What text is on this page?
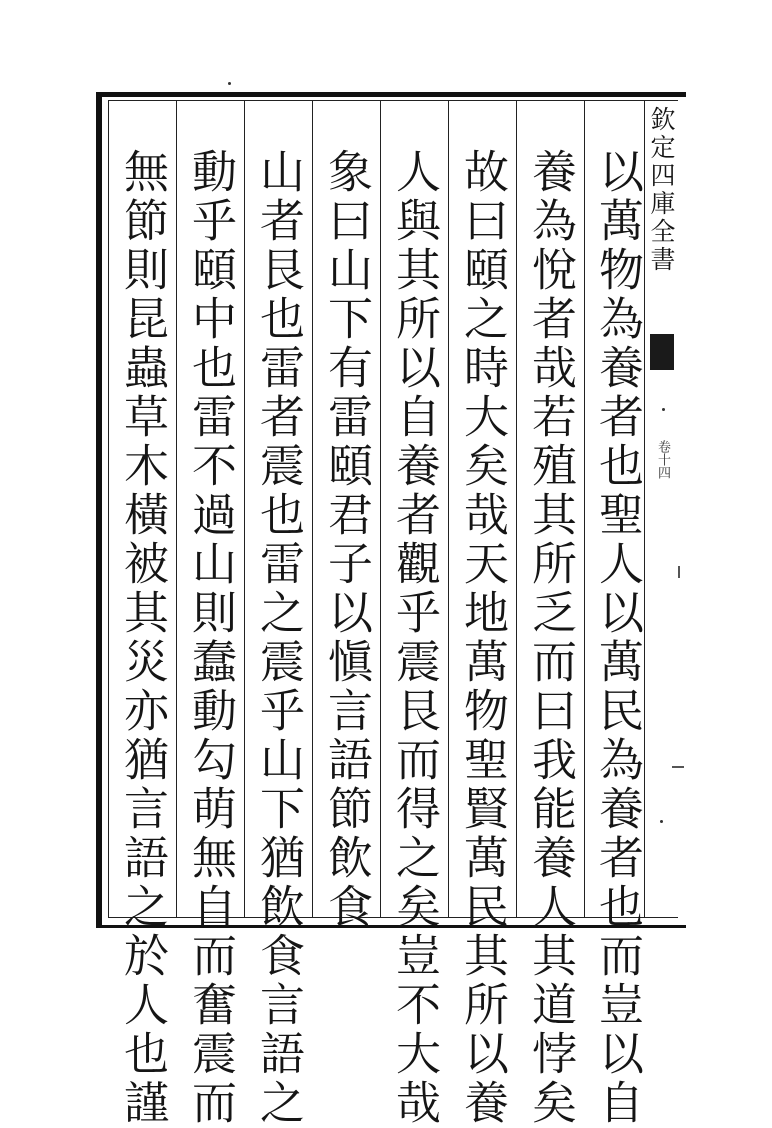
欽定四庫全書
卷十四
以萬物為養者也聖人以萬民為養者也而豈以自
養為悅者哉若殖其所乏而曰我能養人其道悖矣
故曰頤之時大矣哉天地萬物聖賢萬民其所以養
人與其所以自養者觀乎震艮而得之矣豈不大哉
象曰山下有雷頤君子以愼言語節飲食
山者艮也雷者震也雷之震乎山下猶飲食言語之
動乎頤中也雷不過山則蠢動勾萌無自而奮震而
無節則昆蟲草木橫被其災亦猶言語之於人也謹
